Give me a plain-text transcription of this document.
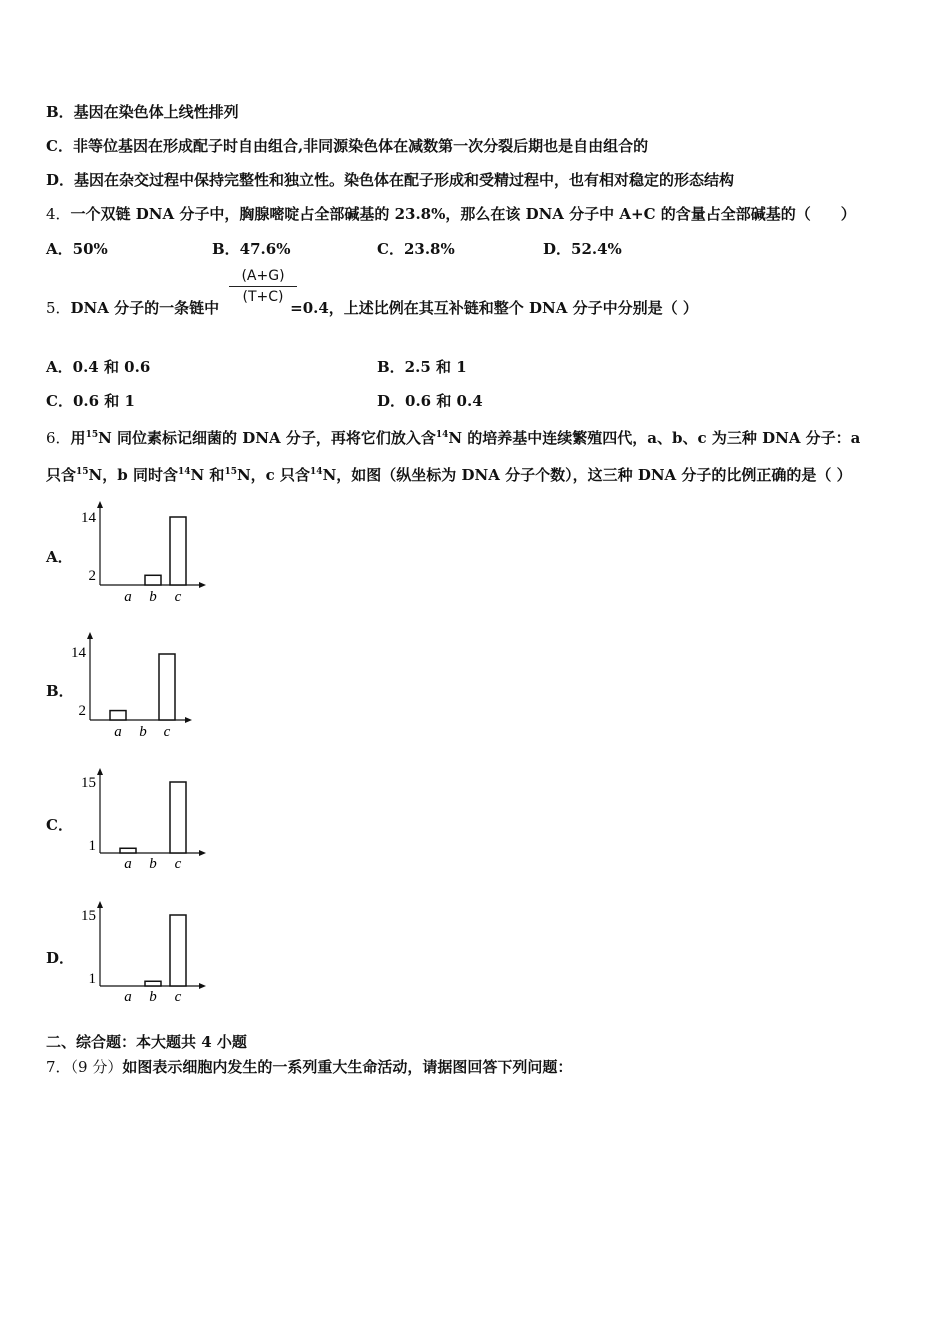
B．基因在染色体上线性排列
C．非等位基因在形成配子时自由组合,非同源染色体在减数第一次分裂后期也是自由组合的
D．基因在杂交过程中保持完整性和独立性。染色体在配子形成和受精过程中，也有相对稳定的形态结构
4．一个双链 DNA 分子中，胸腺嘧啶占全部碱基的 23.8%，那么在该 DNA 分子中 A+C 的含量占全部碱基的（　　）
A．50%	B．47.6%	C．23.8%	D．52.4%
5．DNA 分子的一条链中	=0.4，上述比例在其互补链和整个 DNA 分子中分别是（ ）
(A+G)
(T+C)
A．0.4 和 0.6	B．2.5 和 1
C．0.6 和 1	D．0.6 和 0.4
6．用$^{15}$N 同位素标记细菌的 DNA 分子，再将它们放入含$^{14}$N 的培养基中连续繁殖四代，a、b、c 为三种 DNA 分子：a
只含$^{15}$N，b 同时含$^{14}$N 和$^{15}$N，c 只含$^{14}$N，如图（纵坐标为 DNA 分子个数），这三种 DNA 分子的比例正确的是（ ）
A．
B．
C．
D．
14
2
a b c
14
2
a b c
15
1
a b c
15
1
a b c
二、综合题：本大题共 4 小题
7．（9 分）如图表示细胞内发生的一系列重大生命活动，请据图回答下列问题：
